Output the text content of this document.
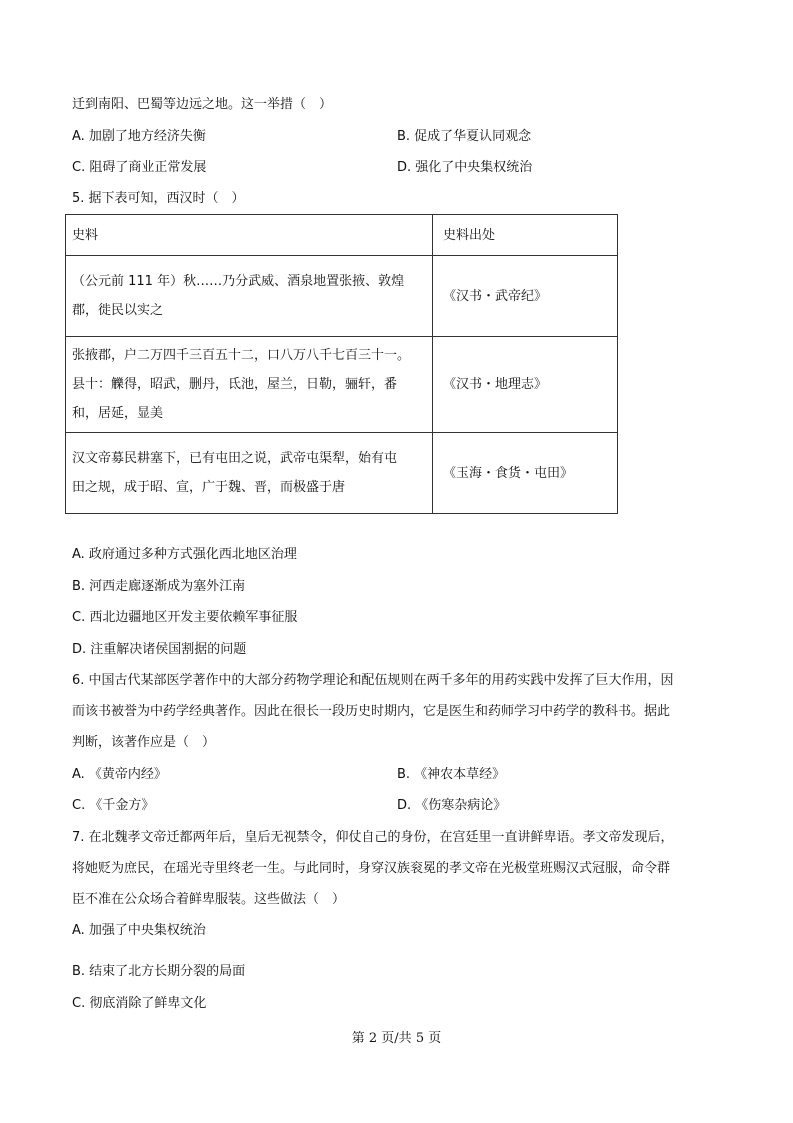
迁到南阳、巴蜀等边远之地。这一举措（　）
A. 加剧了地方经济失衡	B. 促成了华夏认同观念
C. 阻碍了商业正常发展	D. 强化了中央集权统治
5. 据下表可知，西汉时（　）
史料	史料出处

（公元前 111 年）秋……乃分武威、酒泉地置张掖、敦煌
郡，徙民以实之	《汉书・武帝纪》

张掖郡，户二万四千三百五十二，口八万八千七百三十一。
县十：觻得，昭武，删丹，氐池，屋兰，日勒，骊轩，番
和，居延，显美	《汉书・地理志》

汉文帝募民耕塞下，已有屯田之说，武帝屯渠犁，始有屯
田之规，成于昭、宣，广于魏、晋，而极盛于唐	《玉海・食货・屯田》
A. 政府通过多种方式强化西北地区治理
B. 河西走廊逐渐成为塞外江南
C. 西北边疆地区开发主要依赖军事征服
D. 注重解决诸侯国割据的问题
6. 中国古代某部医学著作中的大部分药物学理论和配伍规则在两千多年的用药实践中发挥了巨大作用，因
而该书被誉为中药学经典著作。因此在很长一段历史时期内，它是医生和药师学习中药学的教科书。据此
判断，该著作应是（　）
A. 《黄帝内经》	B. 《神农本草经》
C. 《千金方》	D. 《伤寒杂病论》
7. 在北魏孝文帝迁都两年后，皇后无视禁令，仰仗自己的身份，在宫廷里一直讲鲜卑语。孝文帝发现后，
将她贬为庶民，在瑶光寺里终老一生。与此同时，身穿汉族衮冕的孝文帝在光极堂班赐汉式冠服，命令群
臣不准在公众场合着鲜卑服装。这些做法（　）
A. 加强了中央集权统治
B. 结束了北方长期分裂的局面
C. 彻底消除了鲜卑文化
第 2 页/共 5 页
